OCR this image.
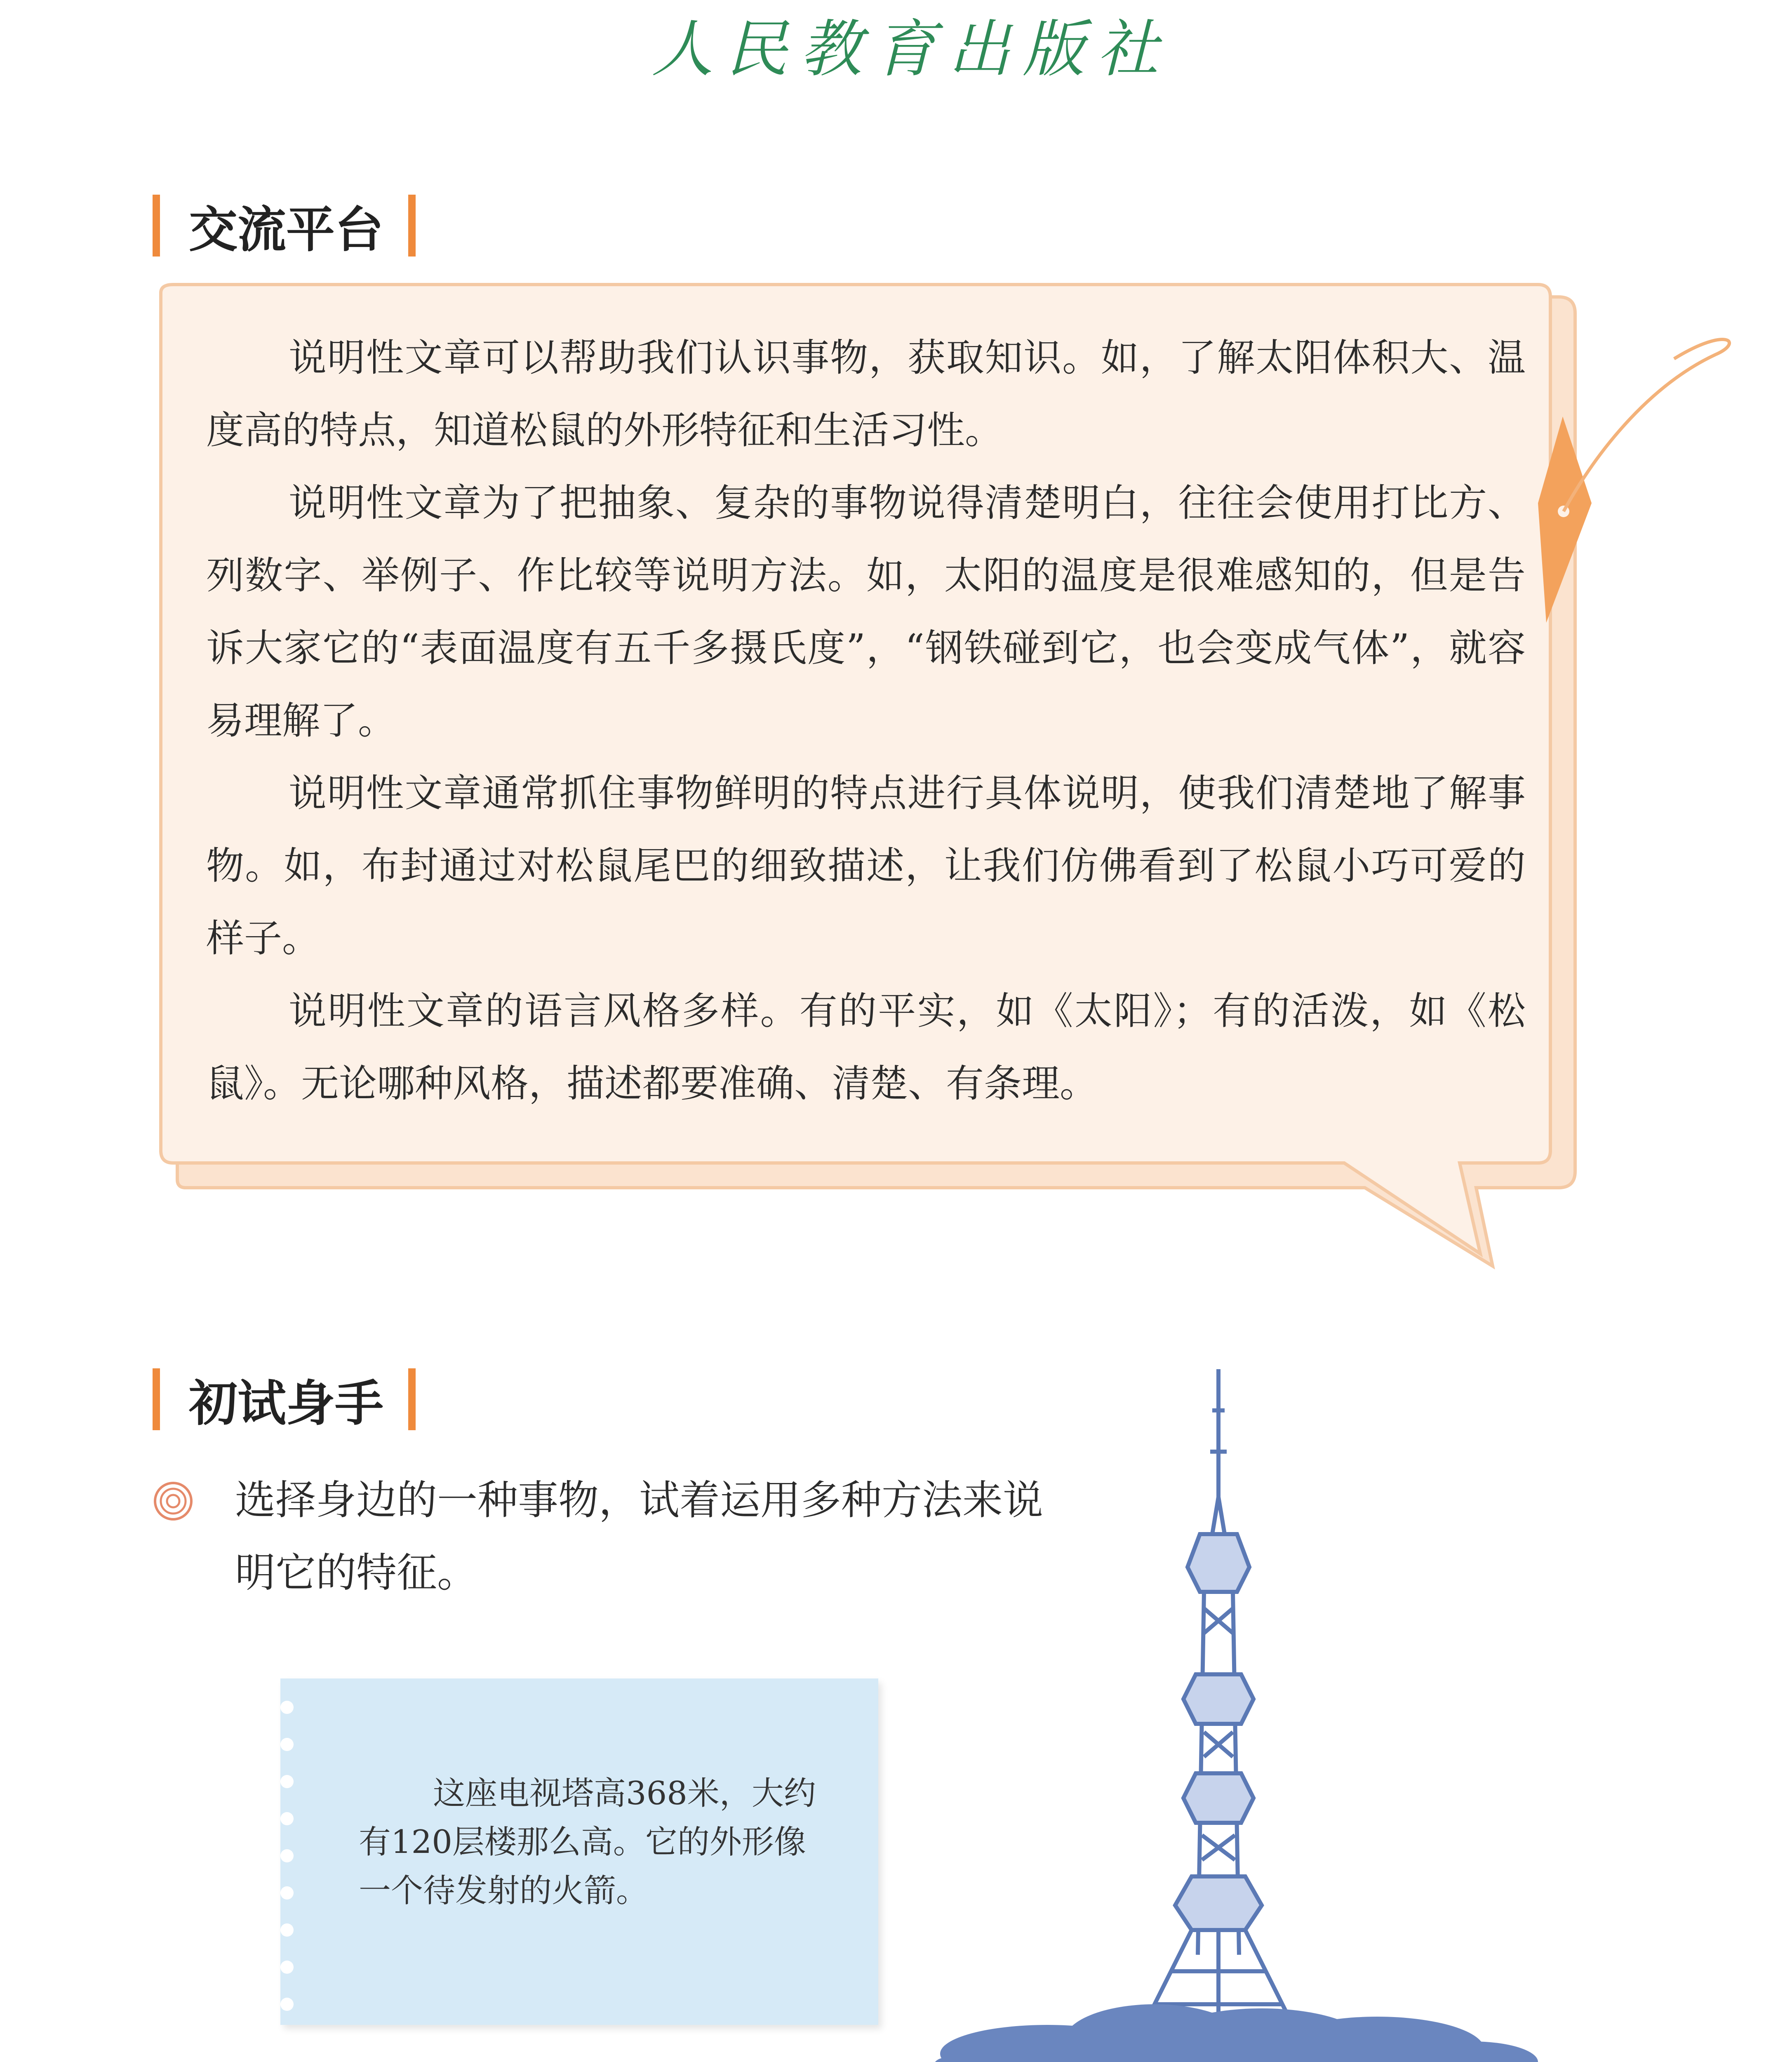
人民教育出版社
交流平台

说明性文章可以帮助我们认识事物，获取知识。如，了解太阳体积大、温度高的特点，知道松鼠的外形特征和生活习性。

说明性文章为了把抽象、复杂的事物说得清楚明白，往往会使用打比方、列数字、举例子、作比较等说明方法。如，太阳的温度是很难感知的，但是告诉大家它的“表面温度有五千多摄氏度”，“钢铁碰到它，也会变成气体”，就容易理解了。

说明性文章通常抓住事物鲜明的特点进行具体说明，使我们清楚地了解事物。如，布封通过对松鼠尾巴的细致描述，让我们仿佛看到了松鼠小巧可爱的样子。

说明性文章的语言风格多样。有的平实，如《太阳》；有的活泼，如《松鼠》。无论哪种风格，描述都要准确、清楚、有条理。

初试身手
选择身边的一种事物，试着运用多种方法来说明它的特征。

这座电视塔高368米，大约有120层楼那么高。它的外形像一个待发射的火箭。
